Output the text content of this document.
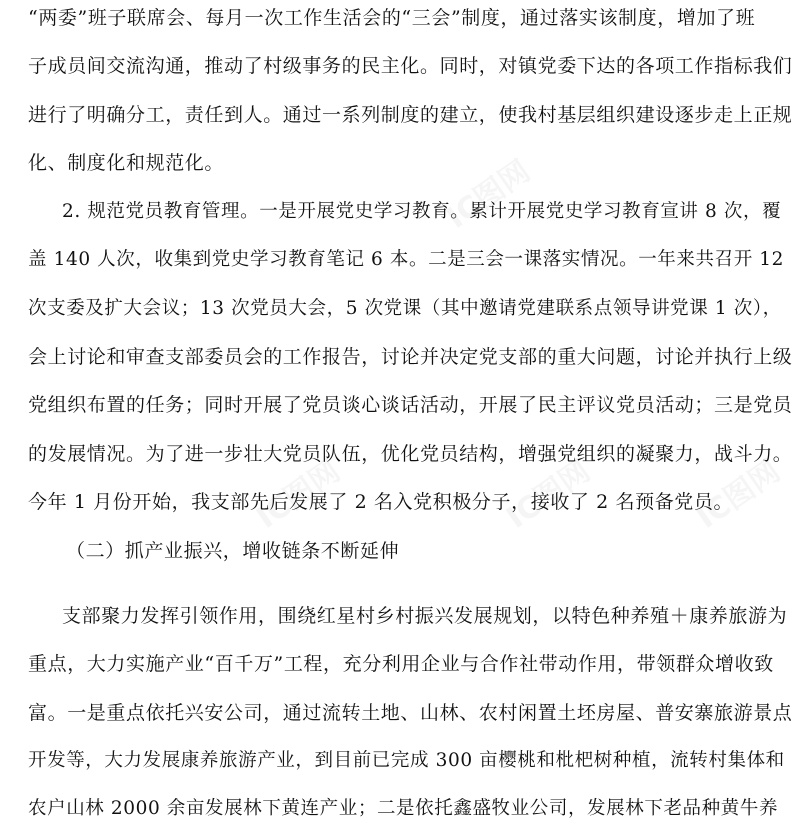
IC图网
IC图网	IC图网
IC图网
“两委”班子联席会、每月一次工作生活会的“三会”制度，通过落实该制度，增加了班
子成员间交流沟通，推动了村级事务的民主化。同时，对镇党委下达的各项工作指标我们
进行了明确分工，责任到人。通过一系列制度的建立，使我村基层组织建设逐步走上正规
化、制度化和规范化。
2. 规范党员教育管理。一是开展党史学习教育。累计开展党史学习教育宣讲 8 次，覆
盖 140 人次，收集到党史学习教育笔记 6 本。二是三会一课落实情况。一年来共召开 12
次支委及扩大会议；13 次党员大会，5 次党课（其中邀请党建联系点领导讲党课 1 次），
会上讨论和审查支部委员会的工作报告，讨论并决定党支部的重大问题，讨论并执行上级
党组织布置的任务；同时开展了党员谈心谈话活动，开展了民主评议党员活动；三是党员
的发展情况。为了进一步壮大党员队伍，优化党员结构，增强党组织的凝聚力，战斗力。
今年 1 月份开始，我支部先后发展了 2 名入党积极分子，接收了 2 名预备党员。
（二）抓产业振兴，增收链条不断延伸
支部聚力发挥引领作用，围绕红星村乡村振兴发展规划，以特色种养殖＋康养旅游为
重点，大力实施产业“百千万”工程，充分利用企业与合作社带动作用，带领群众增收致
富。一是重点依托兴安公司，通过流转土地、山林、农村闲置土坯房屋、普安寨旅游景点
开发等，大力发展康养旅游产业，到目前已完成 300 亩樱桃和枇杷树种植，流转村集体和
农户山林 2000 余亩发展林下黄连产业；二是依托鑫盛牧业公司，发展林下老品种黄牛养
